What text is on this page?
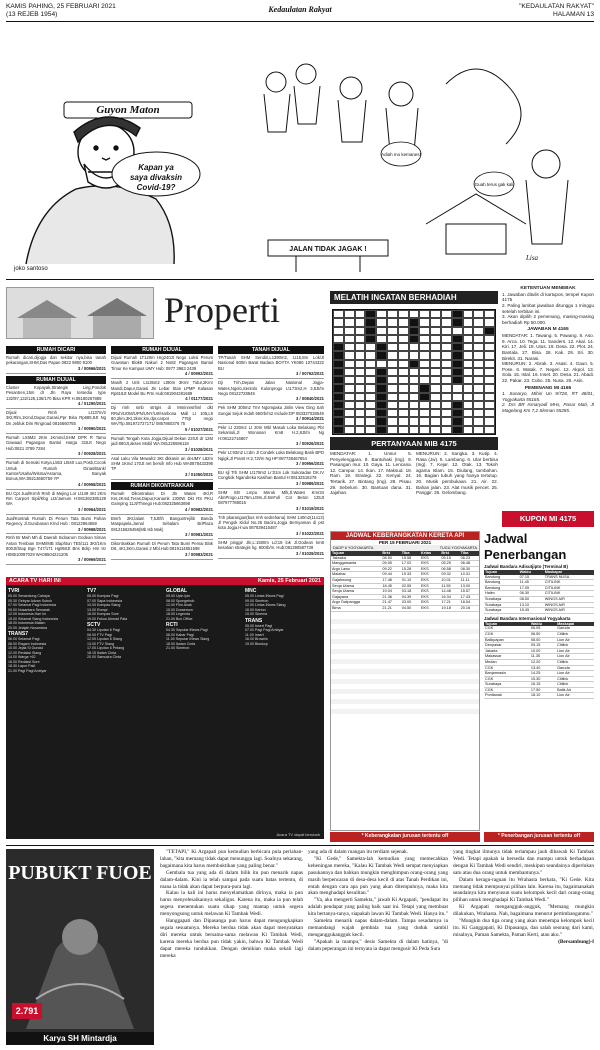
KAMIS PAHING, 25 FEBRUARI 2021
(13 REJEB 1954)
Kedaulatan Rakyat	"KEDAULATAN RAKYAT"
HALAMAN 13
Guyon Maton
Kapan ya
saya divaksin
Covid-19?
JALAN TIDAK JAGAK !
Adiah mo kemanes!
Guah terus gak kali
Lisa
joko santoso
Properti
RUMAH DICARI
Rumah dicari,dijogja dan sekitar nya,bisa tanah pekarangan,SHM,Das Papan 0822 9800 9100
3 / 00966/2021
RUMAH DIJUAL
Cluster Kopayak,Strategis Ling,Pondok Pesantren,15m dr Jln Raya tersedia type 132/97,132/125,135/170 Bisa KPR H.08180267889
4 / 01290/2021
Dijual Rmh Lt137m/2 3Kt,Rlm,1Kmd,Dapur,Garasi,Ppr Bisa Rp685,8Jt Ng Dn Jebluk Dim Ringroad 0816660755
3 / 00990/2021
Rumah LX6M2 2Km 1Kmmd,SHM DPR R Tamu Gawaad Pagangan Bantul Harga 315Jt Nego Hub:0821 3789 7284
3 / 00928/2021
Rumah di Semaki Kotya,L553 Lt540 Lux,Posb,Cocok Untuk Rumah Dinas/Bank/ Kantor/Usaha/Wisma/Asrama, Banyak Bonus,WA:08213660759 YP
4 / 00958/2021
BU Cpt Jual/Krmh Rmh di Mejing Lor Lt149 4Kt 2Km Rm Carport Sipil/Kbg Lt2/Jamum H:081362385129 WA
3 / 00964/2021
Jual/Kontrak Rumah Di Perum Tata Bumi Pahan Regency Jl.Gurubanan Krnd Hub : 08122964658
3 / 00968/2021
Rmh Br Mwh Mh di Daerah Sidoarum Godean Siman Antan Tembian SHM/IMB Slaphtun TE5/111 3Kt/1Km 800Jt/Stap Bgn T47/171 Hg850Jt Bns Bdrp Hrn Isr H08510087029 WA08504221205
3 / 00969/2021
RUMAH DIJUAL
Dijual Rumah LT120m Hrg240Jt Nego Loksi Perum Guwosan Blok8 Nakuri 2 No82 Pagangan Bantul Timur Ke Kampus UMY Hub: 0877 3963 2439
4 / 00992/2021
Masih 2 Unit Lt135m2 Lt90m 3Kmr Tidur,2Kmr Mandi,Dapur,Garasi Jln Lebar Stan LPMP Kalasan Rp618Jt Model Bu Prtn Hub:081904281689
4 / 01177/2021
Dji rmh smb strtgis di Mminmsrfiml dkt RRuh/UOM/UPN/UNY/UII/Harbona Mall Lt 105,L9 80,2km,3Kt,2kmr,km,dpr,carpot 775jt nego WA/Tlp.081972727171/ 0857860376 75
5 / 01027/2021
Rumah Tengah Kota Jogja,Dijual Dekan 220Jt dr 12M jadi 880Jt,akses Mobil WA:081226596118
3 / 01028/2021
Asal Laku Vila Mewah2 3Kt dkkasin an deUMY L82m SHM 1Kmd 170Jt net bersih Info Hub WA0878433396 TP
3 / 01050/2021
RUMAH DIKONTRAKKAN
Rumah Dikontrakan Di Jln Wates 4Kl,R Ket,2Kmd,Teras,Dapur,Kanamk 1300W Dkt RS PKU Gamping 11Jt/Thnego Hub:082325663698
4 / 00982/2021
Bmrh 2Kt,lalam T,5Jt/th Banguntrejiliti Banda Maspapela,Jamal Sebalam BriPlaza 081215626456(Mb Isb Mak)
3 / 00981/2021
Dikontrakkan Rumah Di Perum Tata Bumi Pemai Blok D6, 4Kt,3Km,Garasi 2 Mbl.Hub:0819114851598
3 / 00983/2021
TANAH DIJUAL
TP/Tanah SHM Sendiri,L1390m2, Lt15,8m Lok/Jl Nasional 600m Barat Badara BOYTA YK085 10744322 BU
3 / 00762/2021
Dji Tnh,Depan Jalan Nasional Jogja-Wates,Ngelo,Sentolo Kulonprogo Lt173m2,H 3,8Jt/m Nego 08122728945
3 / 00840/2021
Pek SHM 300m2 Tmr Ngompaka Jinlin View Ging Sah Sungai Sejuk Indah 650rb/m2 Include:DP 083337028549
3 / 00914/2021
Pekr Lt 230m2 Lt 20m Mbl Masuk Loka Belakang Pbr Sekarsuli,Jl Wonosari Km8 H.2,8Jt/m Ng H:08122716807
3 / 00926/2021
Pekr Lt:93m2 Lt:dm Jl Condek Loka Belakang Bank BPD Ngigk,Jl Pramt H:2,7Jt/m Ng HP:087738467654
3 / 00956/2021
BU sjl Trh SHM Lt178m2 Lr:01m Lok Sukoradan DK.IV Congkok Ngandreka Kasihan Bantul H:08132518279
3 / 00989/2021
SHM Sltr Lmpu Meruk Mllr,Jl.Wates Kmr34 AbnProgo,Lt176m,Lt9m,Jl.5mFull Cor Beton 125Jt 087977788015
3 / 01019/2021
Tnh pkarangan(bus rmh sedrehana) SHM 140m2(11x13) Jl Pengok Kidul No.26 Baciro,Jogja Bernyaman di pst kota Jogja.H:wa 087839415487
3 / 01022/2021
SHM pinggir Jln,L:1500m Ld:18 lok Jl.Godean km8 kesatian strategis hg. 800rb/m. Hub:081390587739
3 / 01029/2021
ACARA TV HARI INI	Kamis, 25 Februari 2021
TVRI
05.00 Senandung Cahaya
05.30 Gebyar Adzan Subuh
07.00 Selamat Pagi Indonesia
09.00 Nusantara Semarak
12.00 Indonesia Hari Ini
15.00 Selamat Siang Indonesia
18.00 Indonesia Malam
20.00 Jelajah Nusantara
TRANS7
06.00 Selamat Pagi
08.00 Ragam Indonesia
10.00 Jejak Si Gundul
12.00 Redaksi Siang
14.00 Warga +62
16.00 Redaksi Sore
18.30 Lapor Pak!
21.00 Pagi Pagi Ambyar
TV7
05.00 Kompas Pagi
07.00 Sapa Indonesia
10.00 Kompas Siang
13.00 Rumpi
16.00 Kompas Sore
19.00 Fokus Ahmad Pala
SCTV
04.30 Liputan 6 Pagi
06.00 FTV Pagi
12.00 Liputan 6 Siang
13.00 FTV Siang
17.00 Liputan 6 Petang
18.15 Ikatan Cinta
20.00 Samudra Cinta
GLOBAL
05.00 Upin Ipin
08.00 Spongebob
12.00 Film Anak
15.00 Doraemon
18.00 Legenda
21.00 Box Office
RCTI
04.30 Seputar iNews Pagi
06.00 Kabar Pagi
11.00 Seputar iNews Siang
18.00 Ikatan Cinta
21.00 Sinetron
MNC
05.00 Lintas iNews Pagi
09.00 Sinetron
12.00 Lintas iNews Siang
16.00 Kartun
19.00 Sinema
TRANS
05.00 Insert Pagi
07.00 Pagi Pagi Ambyar
11.00 Insert
16.00 Brownis
19.00 Bioskop
Acara TV dapat berubah
MELATIH INGATAN BERHADIAH
PERTANYAAN MIB 4175
MENDATAR: 1. Unsur 5. Penyelenggara. 8. Bantuhaki (Ing). 9. Pasangan mur. 10. Gaya. 11. Lencana. 12. Campur. 14. Ikan. 17. Maksud. 18. Ram. 19. Strategi. 22. Kenyal. 24. Tertarik. 27. Bintang (Ing). 28. Pisau. 29. Sebelum. 30. Bantuan dana. 31. Jajahan.
MENURUN: 2. Sangka. 3. Kutip. 4. Rasa (Jw). 5. Lambang. 6. Ular berbisa (Ing). 7. Kejar. 12. Otak. 13. Tokoh agama Islam. 15. Diulang, tambahan. 16. Bagian tubuh yang hanya tertutup. 20. Musik pembukaan. 21. Air. 22. Bahan jalan. 23. Alat musik pencet. 25. Panggir. 26. Gelombang.
KETENTUAN MENEBAK
1. Jawaban ditulis di kartupos, tempel Kupon 4175
2. Paling lambat jawaban ditunggu 1 minggu setelah terbitan ini.
3. Akan dipilih 2 pemenang, masing-masing berhadiah Rp 50.000.
JAWABAN M 4165
MENDATAR: 1. Tawang. 5. Pawang. 8. Aso. 9. Arca. 10. Tega. 11. Sanders. 12. Akal. 14. Kiri. 17. Jeli. 18. Utus. 19. Desa. 22. Plot. 24. Bantala. 27. Bisa. 28. Kak. 29. Sri. 30. Birekit. 31. Narasi.
MENURUN: 2. Abrak. 3. Asasi. 4. Gaun. 5. Pose. 6. Watak. 7. Negeri. 12. Akpol. 13. Sola. 15. Istal. 16. Inset. 20. Desa. 21. Abadi. 22. Pakar. 23. Cubo. 25. Nusa. 26. Asin.
PEMENANG MI 4165
1. Sunaryo, Mihiri Un 9/728, RT 48/01, Yogyakarta 55165.
2. Drs BR Ismaryadi MHs, Pasar Mati, Jl Magelang Km 7,2 Sleman 55285.
KUPON MI 4175
JADWAL KEBERANGKATAN KERETA API
PER 15 FEBRUARI 2021
DAOP 6 YOGYAKARTA	TUGU YOGYAKARTA
Tujuan	Brkt	Tiba	Kelas	Brkt	Tiba
Taksaka	08.50	15.58	EKS	05.15	06.23
Manggarsanta	09.05	17.02	EKS	05.25	06.48
Argo Lawu	09.22	15.28	EKS	06.58	08.30
Malabar	09.44	19.33	EKS	09.32	10.31
Gajahwong	17.48	01.10	EKS	10.01	11.11
Senja Utama	18.45	02.55	EKS	11.55	13.00
Senja Utama	19.04	03.18	EKS	14.48	15.57
Gajayana	21.36	04.39	EKS	16.34	17.43
Argo Dwipangga	21.47	03.00	EKS	17.21	18.54
Bima	21.21	04.50	EKS	19.18	20.16
Jadwal Penerbangan
Jadwal Bandara Adisutjipto (Terminal B)
Tujuan	Waktu	Maskapai
Bandung	07.15	TRANS NUSA
Bandung	11.45	CITILINK
Bandung	17.05	CITILINK
Halim	06.30	CITILINK
Surabaya	08.50	WINGS AIR
Surabaya	13.10	WINGS AIR
Surabaya	15.45	WINGS AIR
Jadwal Bandara Internasional Yogyakarta
Tujuan	Waktu	Maskapai
CGK	06.05	Garuda
CGK	06.50	Citilink
Balikpapan	08.00	Lion Air
Denpasar	09.15	Citilink
Jakarta	10.00	Lion Air
Makassar	11.35	Lion Air
Medan	12.20	Citilink
CGK	13.40	Garuda
Banjarmasin	14.25	Lion Air
CGK	15.30	Citilink
Surabaya	16.15	Citilink
CGK	17.50	Batik Air
Pontianak	18.10	Lion Air
* Keberangkatan jurusan tertentu off	* Penerbangan jurusan tertentu off
PUBUKT FUOE
2.791
Karya SH Mintardja

"TETAPI," Ki Argapati pun kemudian berbicara pula perlahan-lahan, "kita memang tidak dapat menunggu lagi. Soalnya sekarang, bagaimana kita harus membuktikan yang paling benar."

Gembala tua yang ada di dalam bilik itu pun menarik napas dalam-dalam. Kini ia telah sampai pada suatu batas tertentu, di mana ia tidak akan dapat berpura-pura lagi.

Kalau ia kali ini harus menyelamatkan dirinya, maka ia pun harus menyelesaikannya sekaligus. Karena itu, maka ia pun telah segera menemukan suatu sikap yang mantap untuk segera menyongsong untuk melawan Ki Tambak Wedi.

Hanggapati dan Dipasanga pun harus dapat mengungkapkan segala sesuatunya. Mereka berdua tidak akan dapat menyatakan diri mereka untuk bersama-sama melawan Ki Tambak Wedi, karena mereka berdua pun tidak yakin, bahwa Ki Tambak Wedi dapat mereka tundukkan. Dengan demikian maka sekali lagi mereka

yang ada di dalam ruangan itu terdiam sejenak.

"Ki Gede," Samekta-lah kemudian yang memecahkan keheningan mereka, "Kalau Ki Tambak Wedi sempat menyiapkan pasukannya dan bahkan mungkin menghimpun orang-orang yang masih berpencaran di desa-desa kecil di atas Tanah Perdikan ini, entah dengan cara apa pun yang akan ditempuhnya, maka kita akan menghadapi kesulitan."

"Ya, aku mengerti Samekta," jawab Ki Argapati, "pendapat itu adalah pendapat yang paling baik saat ini. Tetapi yang membuat kita bertanya-tanya, siapakah lawan Ki Tambak Wedi. Hanya itu."

Samekta menarik napas dalam-dalam. Tampa sesadarnya ia memandangi wajah gembala tua yang duduk sambil menganggukangguk kecil.

"Apakah ia mampu," desis Samekta di dalam hatinya, "di dalam peperangan ini ternyata ia dapat mengusir Ki Peda Sura

yang tingkat ilmunya tidak terlampau jauh dibawah Ki Tambak Wedi. Tetapi apakah ia bersedia dan mampu untuk berhadapan dengan Ki Tambak Wedi sendiri, meskipun seandainya diperlukan satu atau dua orang untuk membantunya."

Dalam keragu-raguan itu Wrahasta berkata, "Ki Gede. Kita memang tidak mempunyai pilihan lain. Karena itu, bagaimanakah seandainya kita menyusun suatu kelompok kecil dari orang-orang pilihan untuk menghadapi Ki Tambak Wedi."

Ki Argapati mengangguk-angguk, "Memang mungkin dilakukan, Wrahasta. Nah, bagaimana menurut pertimbanganmu."

"Mungkin dua tiga orang yang akan menempa kelompok kecil itu. Ki Ganggapati, Ki Dipasanga, dan salah seorang dari kami, misalnya, Paman Samekta, Paman Kerti, atau aku."

(Bersambung)-f
